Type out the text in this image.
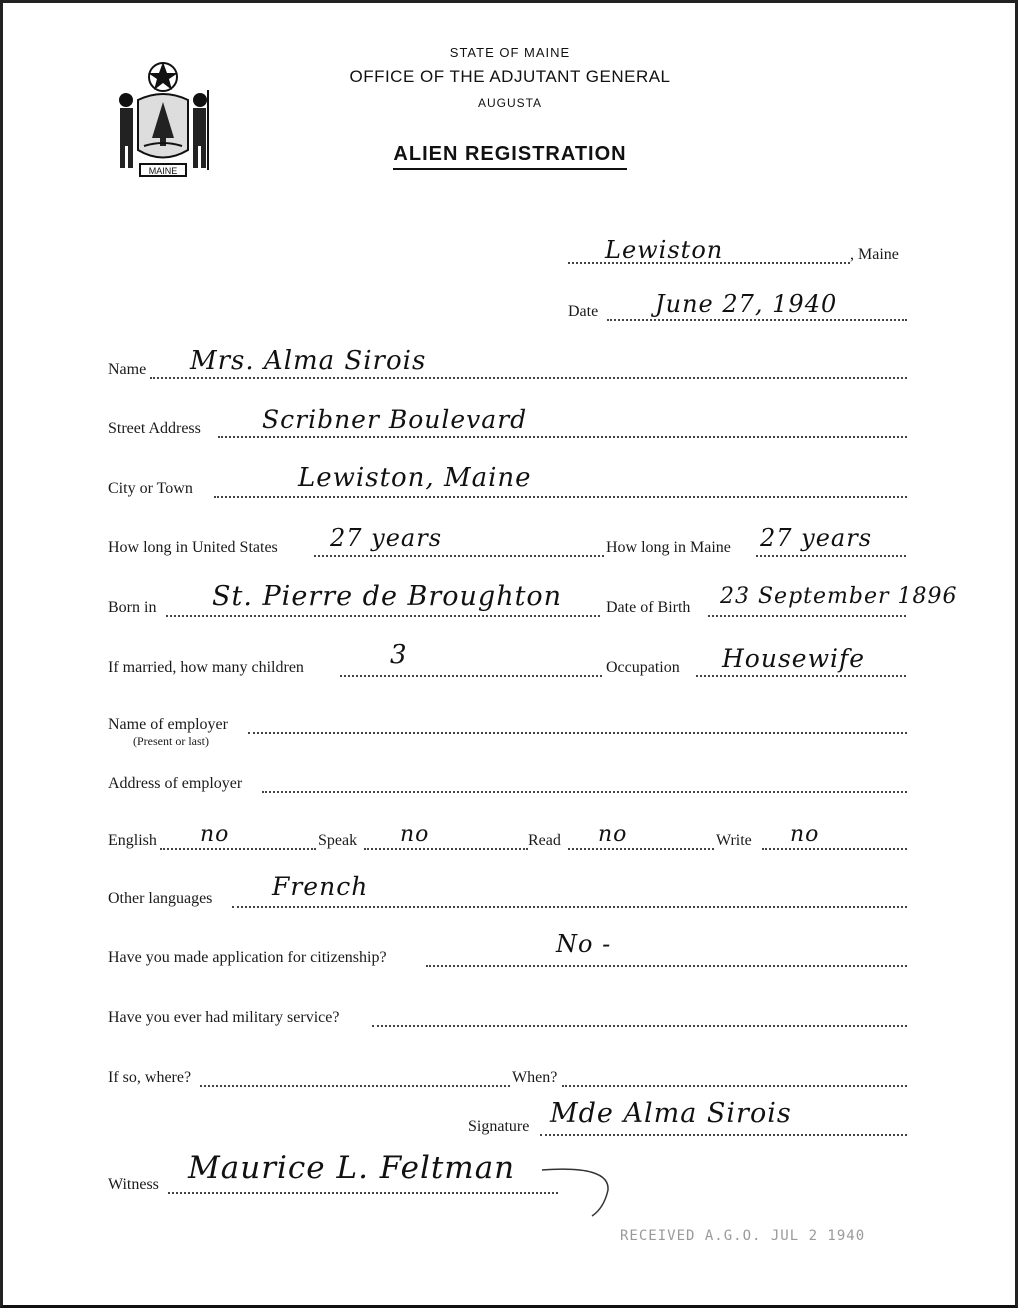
MAINE
STATE OF MAINE
OFFICE OF THE ADJUTANT GENERAL
AUGUSTA
ALIEN REGISTRATION
Lewiston	, Maine
Date June 27, 1940
Name Mrs. Alma Sirois
Street Address Scribner Boulevard
City or Town	Lewiston, Maine
How long in United States 27 years	How long in Maine 27 years
Born in St. Pierre de Broughton	Date of Birth 23 September 1896
If married, how many children	3	Occupation Housewife
Name of employer
(Present or last)
Address of employer
English no	Speak no	Read no	Write no
Other languages French
Have you made application for citizenship?	No -
Have you ever had military service?
If so, where?	When?
Signature Mde Alma Sirois
Witness Maurice L. Feltman
RECEIVED A.G.O. JUL 2 1940
